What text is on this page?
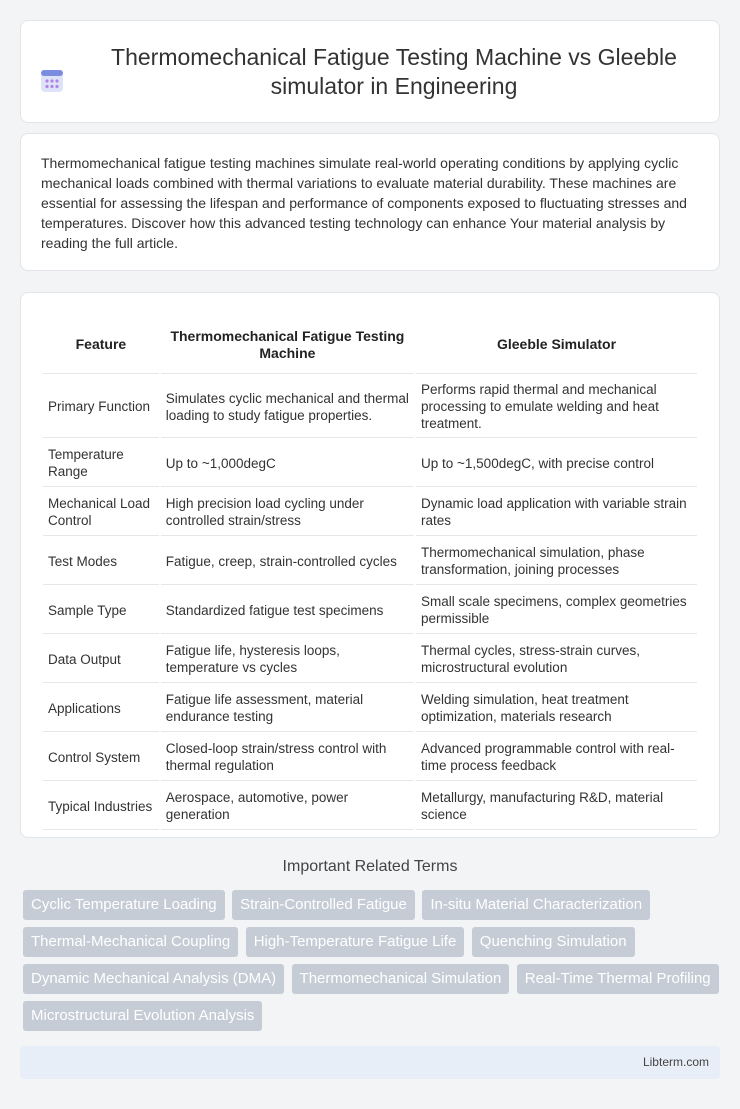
Thermomechanical Fatigue Testing Machine vs Gleeble simulator in Engineering

Thermomechanical fatigue testing machines simulate real-world operating conditions by applying cyclic mechanical loads combined with thermal variations to evaluate material durability. These machines are essential for assessing the lifespan and performance of components exposed to fluctuating stresses and temperatures. Discover how this advanced testing technology can enhance Your material analysis by reading the full article.

Feature	Thermomechanical Fatigue Testing Machine	Gleeble Simulator
Primary Function	Simulates cyclic mechanical and thermal loading to study fatigue properties.	Performs rapid thermal and mechanical processing to emulate welding and heat treatment.
Temperature Range	Up to ~1,000degC	Up to ~1,500degC, with precise control
Mechanical Load Control	High precision load cycling under controlled strain/stress	Dynamic load application with variable strain rates
Test Modes	Fatigue, creep, strain-controlled cycles	Thermomechanical simulation, phase transformation, joining processes
Sample Type	Standardized fatigue test specimens	Small scale specimens, complex geometries permissible
Data Output	Fatigue life, hysteresis loops, temperature vs cycles	Thermal cycles, stress-strain curves, microstructural evolution
Applications	Fatigue life assessment, material endurance testing	Welding simulation, heat treatment optimization, materials research
Control System	Closed-loop strain/stress control with thermal regulation	Advanced programmable control with real-time process feedback
Typical Industries	Aerospace, automotive, power generation	Metallurgy, manufacturing R&D, material science
Important Related Terms
Cyclic Temperature Loading Strain-Controlled Fatigue In-situ Material Characterization Thermal-Mechanical Coupling High-Temperature Fatigue Life Quenching Simulation Dynamic Mechanical Analysis (DMA) Thermomechanical Simulation Real-Time Thermal Profiling Microstructural Evolution Analysis
Libterm.com
